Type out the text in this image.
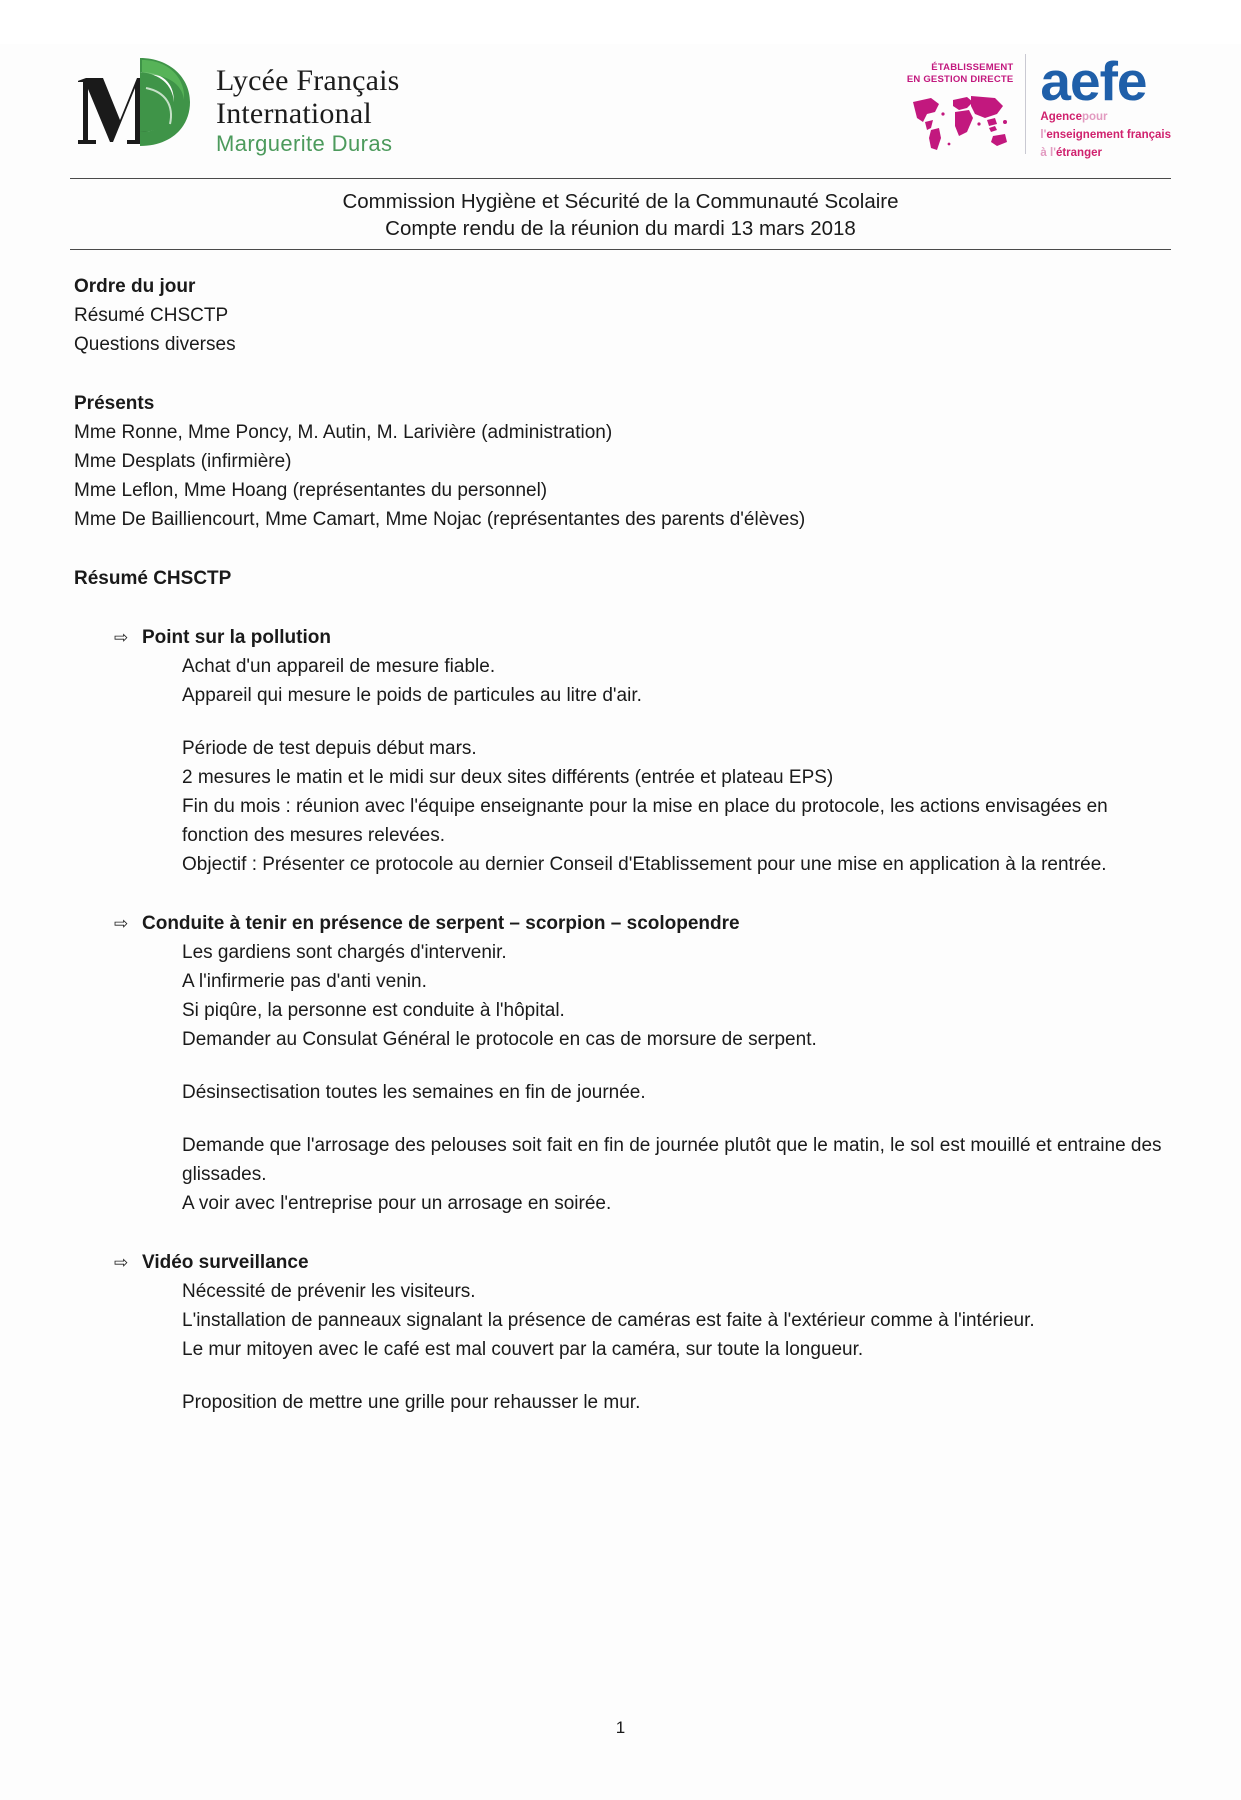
Lycée Français
International
Marguerite Duras
ÉTABLISSEMENT
EN GESTION DIRECTE aefe
Agencepour
l'enseignement français
à l'étranger
Commission Hygiène et Sécurité de la Communauté Scolaire
Compte rendu de la réunion du mardi 13 mars 2018
Ordre du jour
Résumé CHSCTP
Questions diverses
Présents
Mme Ronne, Mme Poncy, M. Autin, M. Larivière (administration)
Mme Desplats (infirmière)
Mme Leflon, Mme Hoang (représentantes du personnel)
Mme De Bailliencourt, Mme Camart, Mme Nojac (représentantes des parents d'élèves)
Résumé CHSCTP
⇨ Point sur la pollution

Achat d'un appareil de mesure fiable.

Appareil qui mesure le poids de particules au litre d'air.

Période de test depuis début mars.

2 mesures le matin et le midi sur deux sites différents (entrée et plateau EPS)

Fin du mois : réunion avec l'équipe enseignante pour la mise en place du protocole, les actions envisagées en fonction des mesures relevées.

Objectif : Présenter ce protocole au dernier Conseil d'Etablissement pour une mise en application à la rentrée.

⇨ Conduite à tenir en présence de serpent – scorpion – scolopendre

Les gardiens sont chargés d'intervenir.

A l'infirmerie pas d'anti venin.

Si piqûre, la personne est conduite à l'hôpital.

Demander au Consulat Général le protocole en cas de morsure de serpent.

Désinsectisation toutes les semaines en fin de journée.

Demande que l'arrosage des pelouses soit fait en fin de journée plutôt que le matin, le sol est mouillé et entraine des glissades.

A voir avec l'entreprise pour un arrosage en soirée.

⇨ Vidéo surveillance

Nécessité de prévenir les visiteurs.

L'installation de panneaux signalant la présence de caméras est faite à l'extérieur comme à l'intérieur.

Le mur mitoyen avec le café est mal couvert par la caméra, sur toute la longueur.

Proposition de mettre une grille pour rehausser le mur.

1
